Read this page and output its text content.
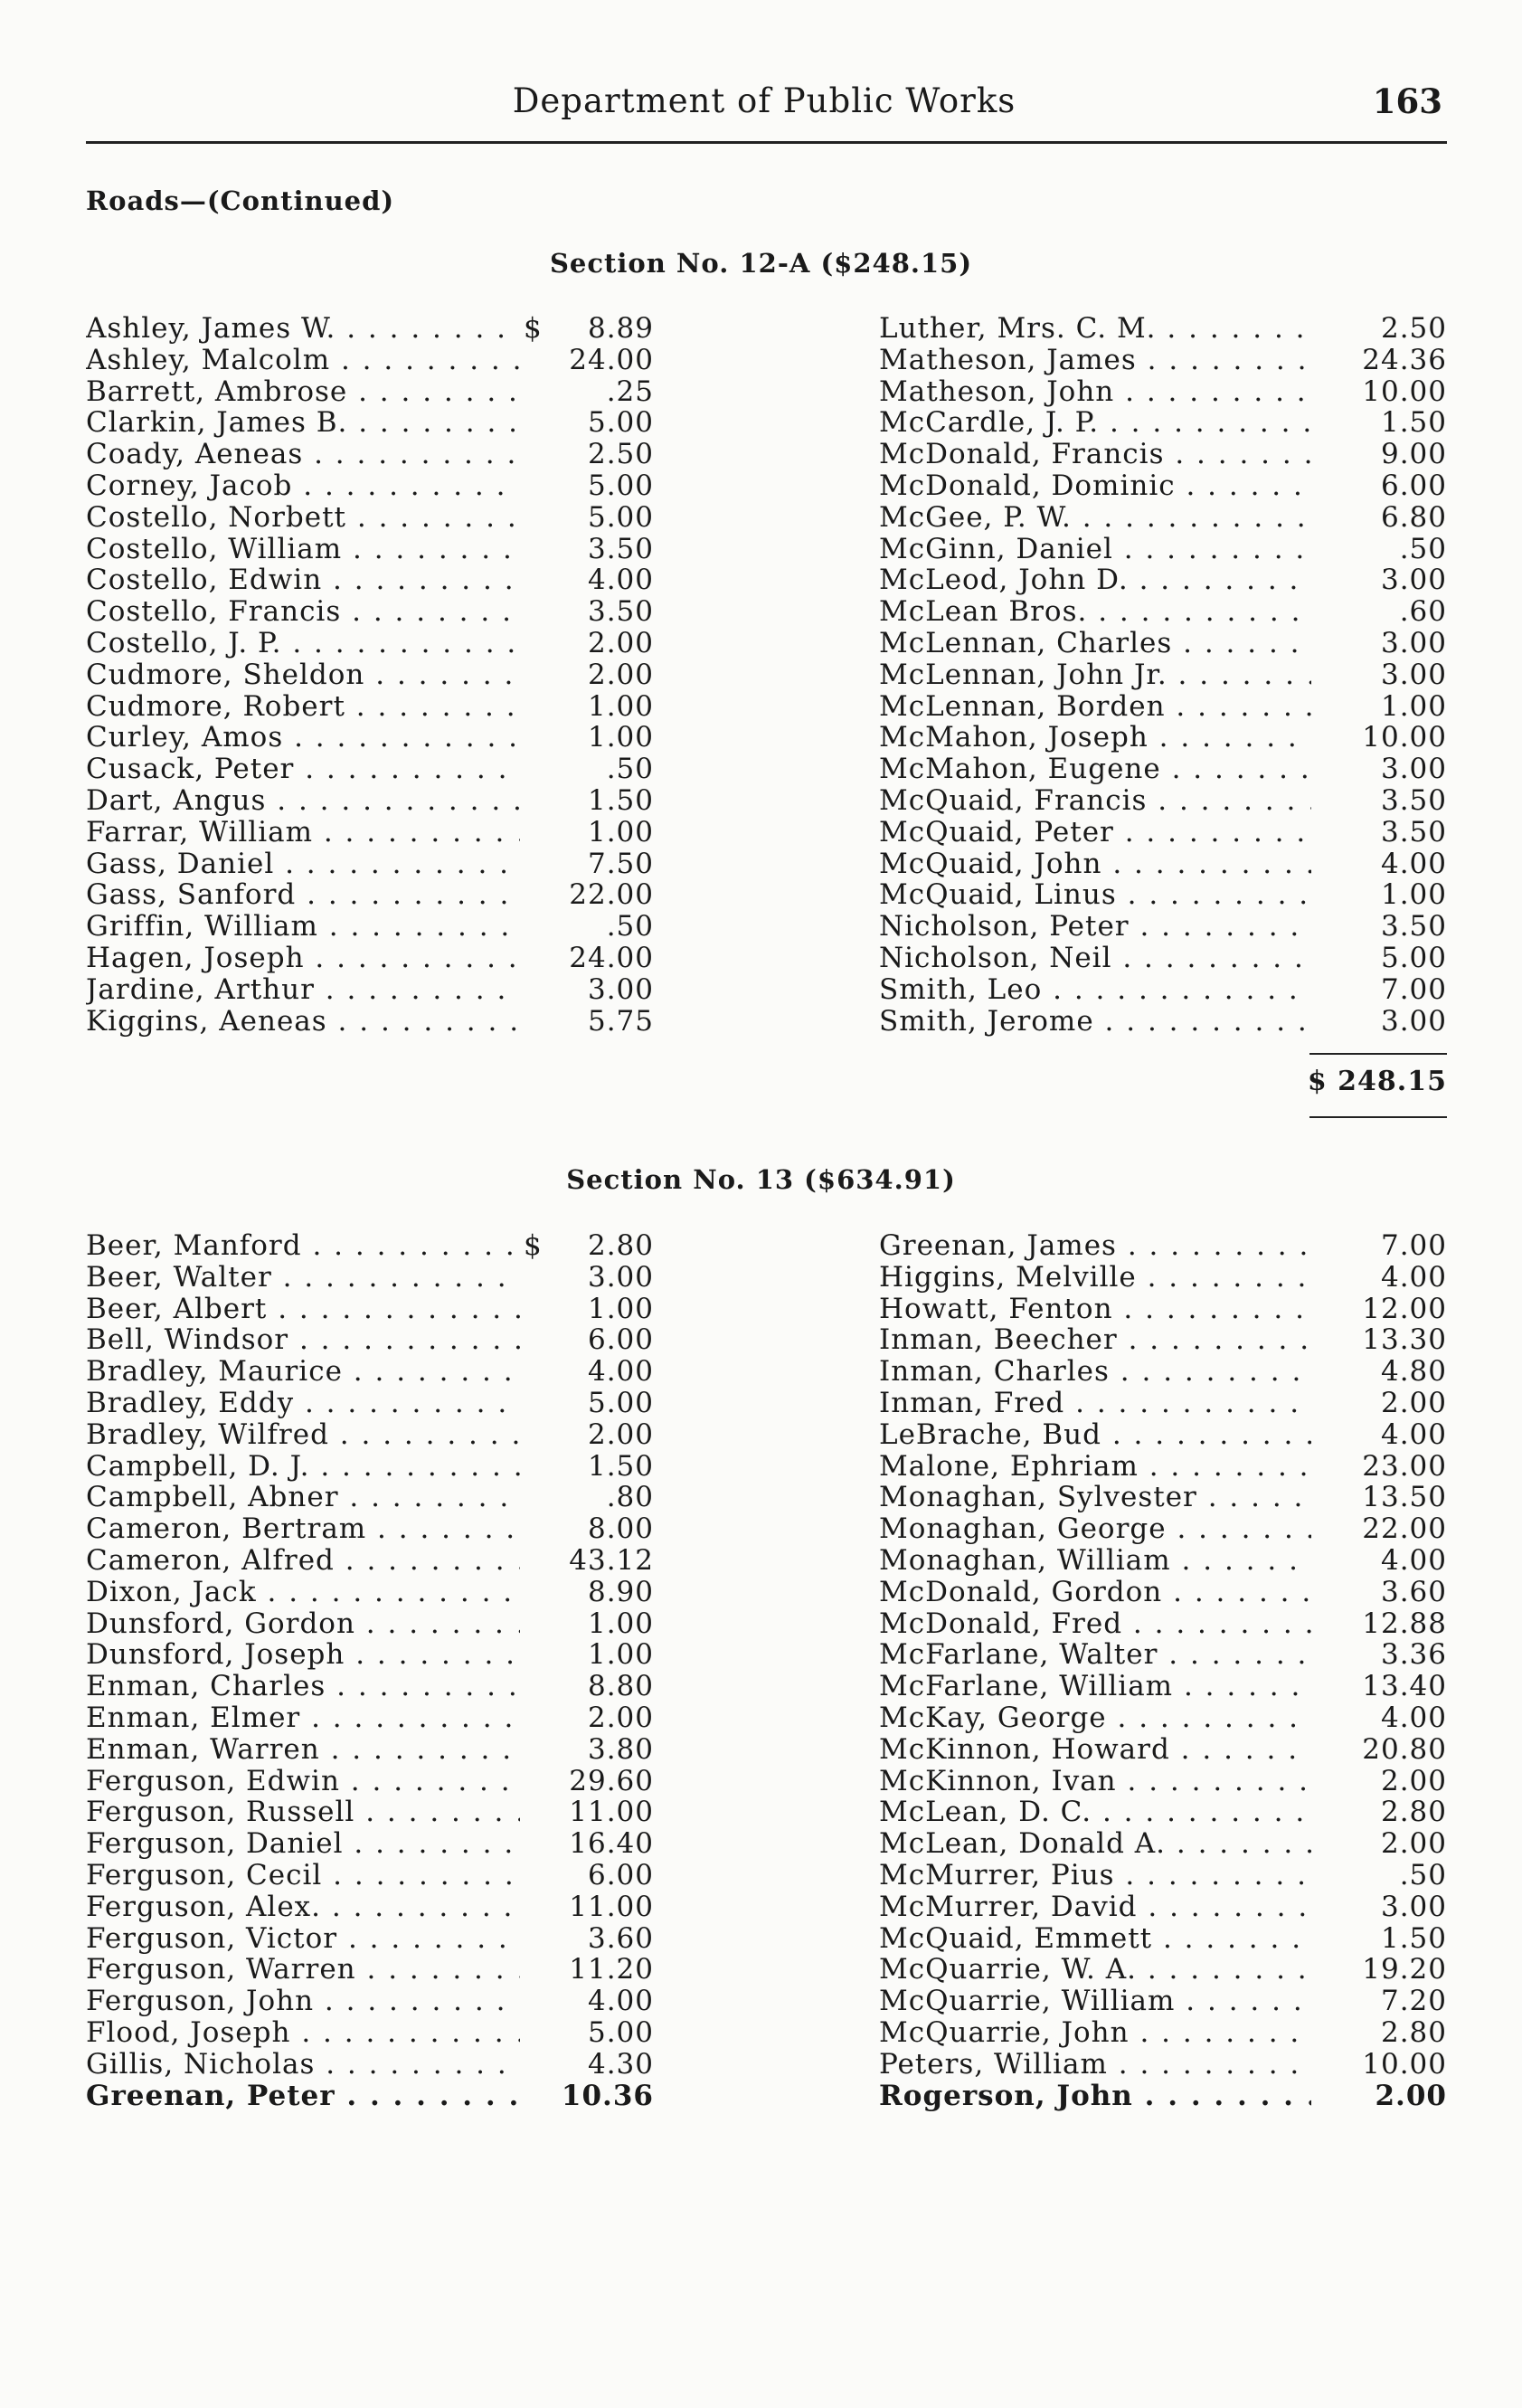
Department of Public Works	163
Roads—(Continued)
Section No. 12-A ($248.15)
Ashley, James W. . . .	$ 8.89
Ashley, Malcolm . . .	24.00
Barrett, Ambrose . . .	.25
Clarkin, James B. . . .	5.00
Coady, Aeneas . . .	2.50
Corney, Jacob . . .	5.00
Costello, Norbett . . .	5.00
Costello, William . . .	3.50
Costello, Edwin . . .	4.00
Costello, Francis . . .	3.50
Costello, J. P. . . .	2.00
Cudmore, Sheldon . . .	2.00
Cudmore, Robert . . .	1.00
Curley, Amos . . .	1.00
Cusack, Peter . . .	.50
Dart, Angus . . .	1.50
Farrar, William . . .	1.00
Gass, Daniel . . .	7.50
Gass, Sanford . . .	22.00
Griffin, William . . .	.50
Hagen, Joseph . . .	24.00
Jardine, Arthur . . .	3.00
Kiggins, Aeneas . . .	5.75
Luther, Mrs. C. M. . . .	2.50
Matheson, James . . .	24.36
Matheson, John . . .	10.00
McCardle, J. P. . . .	1.50
McDonald, Francis . . .	9.00
McDonald, Dominic . . .	6.00
McGee, P. W. . . .	6.80
McGinn, Daniel . . .	.50
McLeod, John D. . . .	3.00
McLean Bros. . . .	.60
McLennan, Charles . . .	3.00
McLennan, John Jr. . . .	3.00
McLennan, Borden . . .	1.00
McMahon, Joseph . . .	10.00
McMahon, Eugene . . .	3.00
McQuaid, Francis . . .	3.50
McQuaid, Peter . . .	3.50
McQuaid, John . . .	4.00
McQuaid, Linus . . .	1.00
Nicholson, Peter . . .	3.50
Nicholson, Neil . . .	5.00
Smith, Leo . . .	7.00
Smith, Jerome . . .	3.00
$ 248.15
Section No. 13 ($634.91)
Beer, Manford . . .	$ 2.80
Beer, Walter . . .	3.00
Beer, Albert . . .	1.00
Bell, Windsor . . .	6.00
Bradley, Maurice . . .	4.00
Bradley, Eddy . . .	5.00
Bradley, Wilfred . . .	2.00
Campbell, D. J. . . .	1.50
Campbell, Abner . . .	.80
Cameron, Bertram . . .	8.00
Cameron, Alfred . . .	43.12
Dixon, Jack . . .	8.90
Dunsford, Gordon . . .	1.00
Dunsford, Joseph . . .	1.00
Enman, Charles . . .	8.80
Enman, Elmer . . .	2.00
Enman, Warren . . .	3.80
Ferguson, Edwin . . .	29.60
Ferguson, Russell . . .	11.00
Ferguson, Daniel . . .	16.40
Ferguson, Cecil . . .	6.00
Ferguson, Alex. . . .	11.00
Ferguson, Victor . . .	3.60
Ferguson, Warren . . .	11.20
Ferguson, John . . .	4.00
Flood, Joseph . . .	5.00
Gillis, Nicholas . . .	4.30
Greenan, Peter . . .	10.36
Greenan, James . . .	7.00
Higgins, Melville . . .	4.00
Howatt, Fenton . . .	12.00
Inman, Beecher . . .	13.30
Inman, Charles . . .	4.80
Inman, Fred . . .	2.00
LeBrache, Bud . . .	4.00
Malone, Ephriam . . .	23.00
Monaghan, Sylvester . . .	13.50
Monaghan, George . . .	22.00
Monaghan, William . . .	4.00
McDonald, Gordon . . .	3.60
McDonald, Fred . . .	12.88
McFarlane, Walter . . .	3.36
McFarlane, William . . .	13.40
McKay, George . . .	4.00
McKinnon, Howard . . .	20.80
McKinnon, Ivan . . .	2.00
McLean, D. C. . . .	2.80
McLean, Donald A. . . .	2.00
McMurrer, Pius . . .	.50
McMurrer, David . . .	3.00
McQuaid, Emmett . . .	1.50
McQuarrie, W. A. . . .	19.20
McQuarrie, William . . .	7.20
McQuarrie, John . . .	2.80
Peters, William . . .	10.00
Rogerson, John . . .	2.00
